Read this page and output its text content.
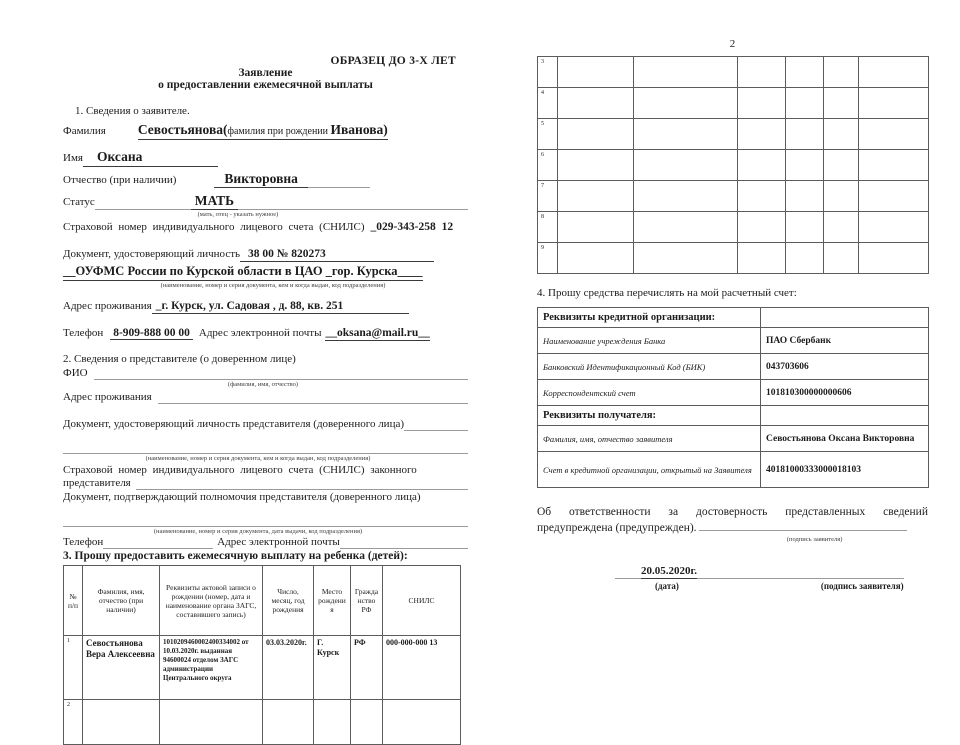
ОБРАЗЕЦ ДО 3-Х ЛЕТ
Заявление
о предоставлении ежемесячной выплаты
1. Сведения о заявителе.
Фамилия Севостьянова(фамилия при рождении Иванова)
Имя	Оксана
Отчество (при наличии)	Викторовна
Статус	МАТЬ
(мать, отец - указать нужное)
Страховой номер индивидуального лицевого счета (СНИЛС) _029-343-258 12
Документ, удостоверяющий личность 38 00 № 820273
__ОУФМС России по Курской области в ЦАО _гор. Курска____
(наименование, номер и серия документа, кем и когда выдан, код подразделения)
Адрес проживания _г. Курск, ул. Садовая , д. 88, кв. 251
Телефон 8-909-888 00 00 Адрес электронной почты __oksana@mail.ru__
2. Сведения о представителе (о доверенном лице)
ФИО
(фамилия, имя, отчество)
Адрес проживания
Документ, удостоверяющий личность представителя (доверенного лица)
(наименование, номер и серия документа, кем и когда выдан, код подразделения)
Страховой номер индивидуального лицевого счета (СНИЛС) законного
представителя
Документ, подтверждающий полномочия представителя (доверенного лица)
(наименование, номер и серия документа, дата выдачи, код подразделения)
Телефон	Адрес электронной почты
3. Прошу предоставить ежемесячную выплату на ребенка (детей):
№ п/п	Фамилия, имя, отчество (при наличии)	Реквизиты актовой записи о рождении (номер, дата и наименование органа ЗАГС, составившего запись)	Число, месяц, год рождения	Место рождения	Гражданство РФ	СНИЛС
1	Севостьянова Вера Алексеевна	1010209460002400334002 от 10.03.2020г. выданная 94600024 отделом ЗАГС администрации Центрального округа	03.03.2020г.	Г. Курск	РФ	000-000-000 13
2						
2
3						
4						
5						
6						
7						
8						
9						
4. Прошу средства перечислять на мой расчетный счет:
Реквизиты кредитной организации:	
Наименование учреждения Банка	ПАО Сбербанк
Банковский Идентификационный Код (БИК)	043703606
Корреспондентский счет	101810300000000606
Реквизиты получателя:	
Фамилия, имя, отчество заявителя	Севостьянова Оксана Викторовна
Счет в кредитной организации, открытый на Заявителя	40181000333000018103
Об ответственности за достоверность представленных сведений предупреждена (предупрежден).
(подпись заявителя)
20.05.2020г.
(дата)	(подпись заявителя)
